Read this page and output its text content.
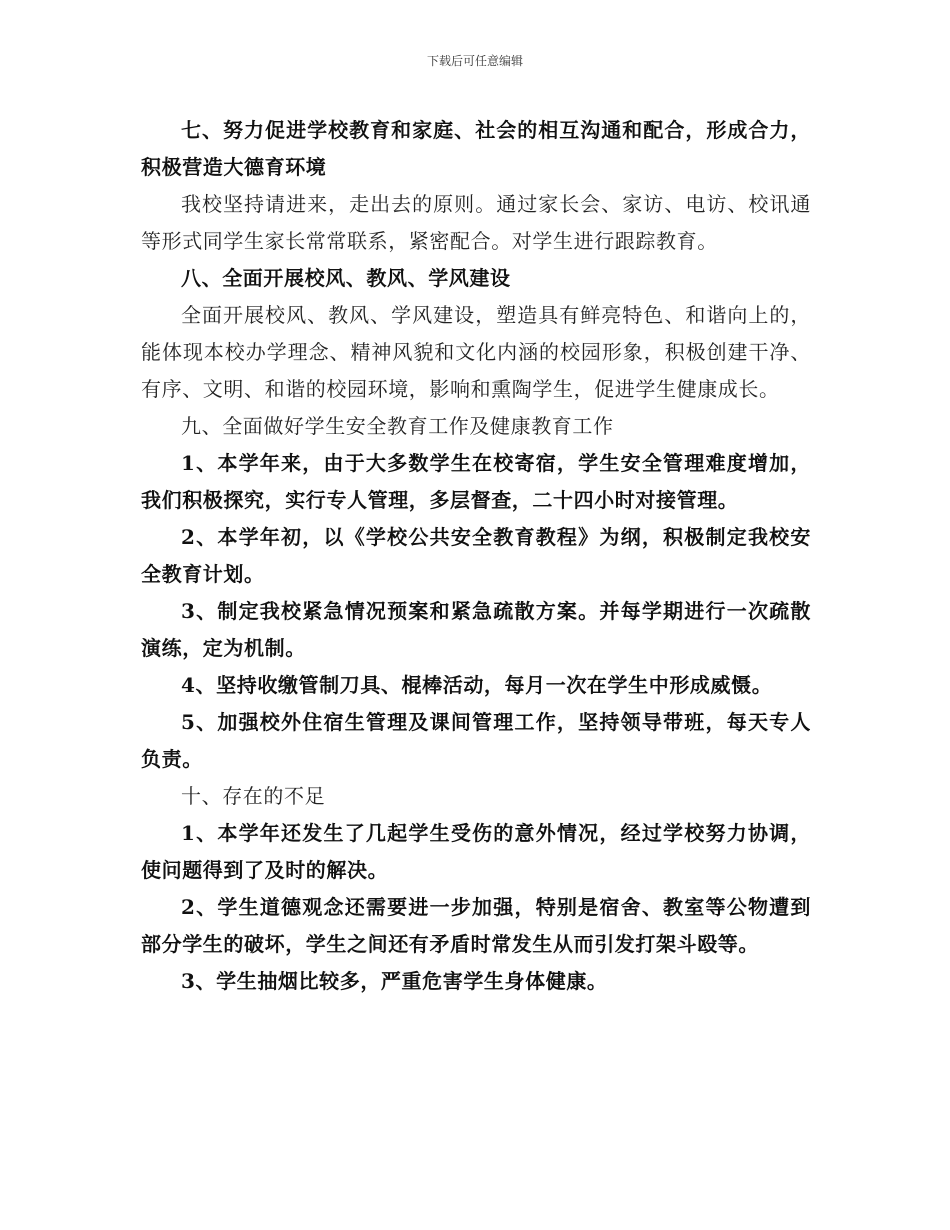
下载后可任意编辑

七、努力促进学校教育和家庭、社会的相互沟通和配合，形成合力，积极营造大德育环境

我校坚持请进来，走出去的原则。通过家长会、家访、电访、校讯通等形式同学生家长常常联系，紧密配合。对学生进行跟踪教育。

八、全面开展校风、教风、学风建设

全面开展校风、教风、学风建设，塑造具有鲜亮特色、和谐向上的，能体现本校办学理念、精神风貌和文化内涵的校园形象，积极创建干净、有序、文明、和谐的校园环境，影响和熏陶学生，促进学生健康成长。

九、全面做好学生安全教育工作及健康教育工作

1、本学年来，由于大多数学生在校寄宿，学生安全管理难度增加，我们积极探究，实行专人管理，多层督查，二十四小时对接管理。

2、本学年初，以《学校公共安全教育教程》为纲，积极制定我校安全教育计划。

3、制定我校紧急情况预案和紧急疏散方案。并每学期进行一次疏散演练，定为机制。

4、坚持收缴管制刀具、棍棒活动，每月一次在学生中形成威慑。

5、加强校外住宿生管理及课间管理工作，坚持领导带班，每天专人负责。

十、存在的不足

1、本学年还发生了几起学生受伤的意外情况，经过学校努力协调，使问题得到了及时的解决。

2、学生道德观念还需要进一步加强，特别是宿舍、教室等公物遭到部分学生的破坏，学生之间还有矛盾时常发生从而引发打架斗殴等。

3、学生抽烟比较多，严重危害学生身体健康。
